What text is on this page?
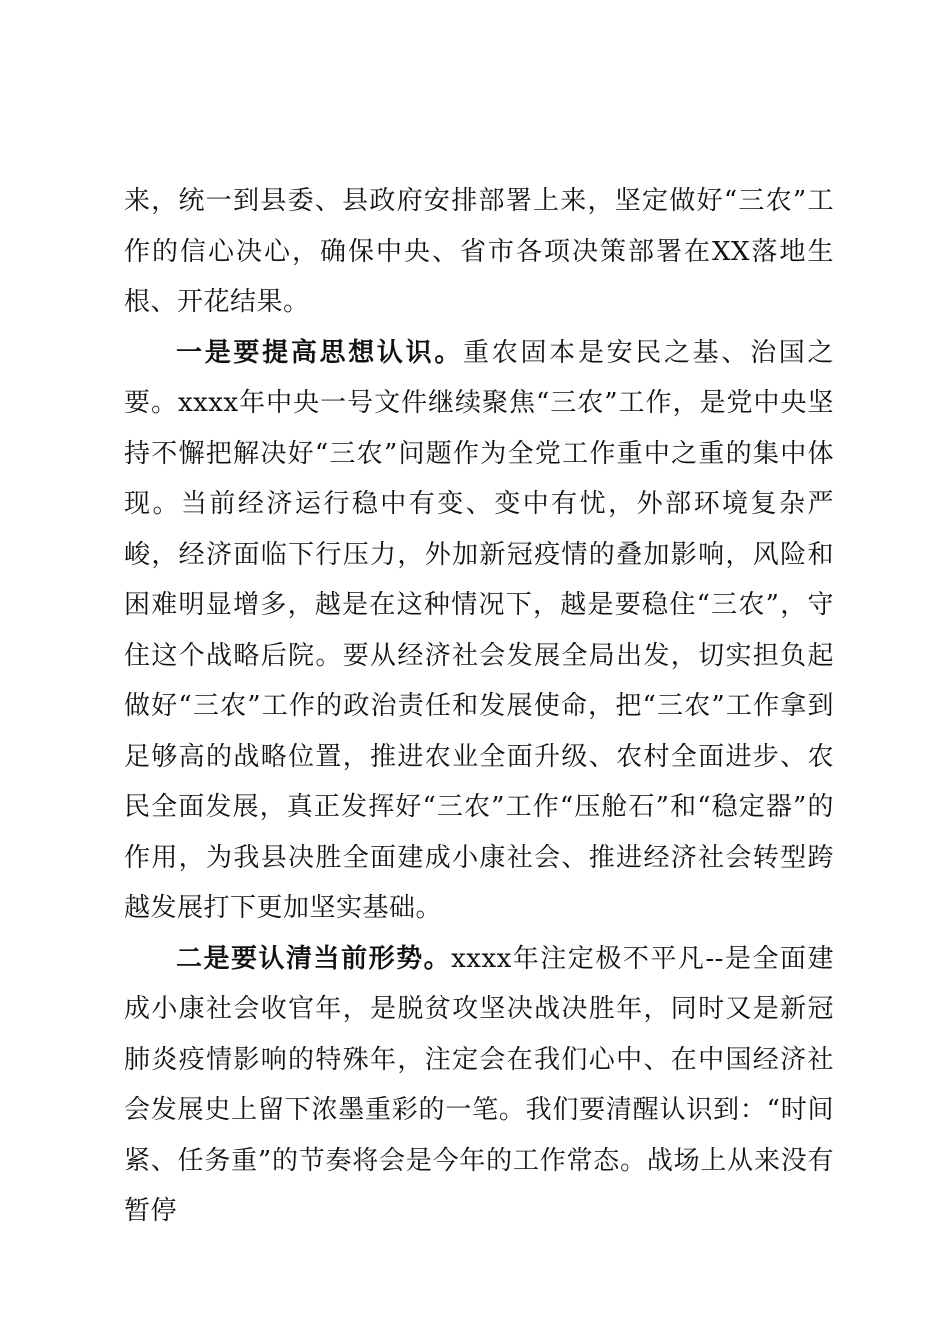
来，统一到县委、县政府安排部署上来，坚定做好“三农”工作的信心决心，确保中央、省市各项决策部署在XX落地生根、开花结果。

一是要提高思想认识。重农固本是安民之基、治国之要。xxxx年中央一号文件继续聚焦“三农”工作，是党中央坚持不懈把解决好“三农”问题作为全党工作重中之重的集中体现。当前经济运行稳中有变、变中有忧，外部环境复杂严峻，经济面临下行压力，外加新冠疫情的叠加影响，风险和困难明显增多，越是在这种情况下，越是要稳住“三农”，守住这个战略后院。要从经济社会发展全局出发，切实担负起做好“三农”工作的政治责任和发展使命，把“三农”工作拿到足够高的战略位置，推进农业全面升级、农村全面进步、农民全面发展，真正发挥好“三农”工作“压舱石”和“稳定器”的作用，为我县决胜全面建成小康社会、推进经济社会转型跨越发展打下更加坚实基础。

二是要认清当前形势。xxxx年注定极不平凡--是全面建成小康社会收官年，是脱贫攻坚决战决胜年，同时又是新冠肺炎疫情影响的特殊年，注定会在我们心中、在中国经济社会发展史上留下浓墨重彩的一笔。我们要清醒认识到：“时间紧、任务重”的节奏将会是今年的工作常态。战场上从来没有暂停
